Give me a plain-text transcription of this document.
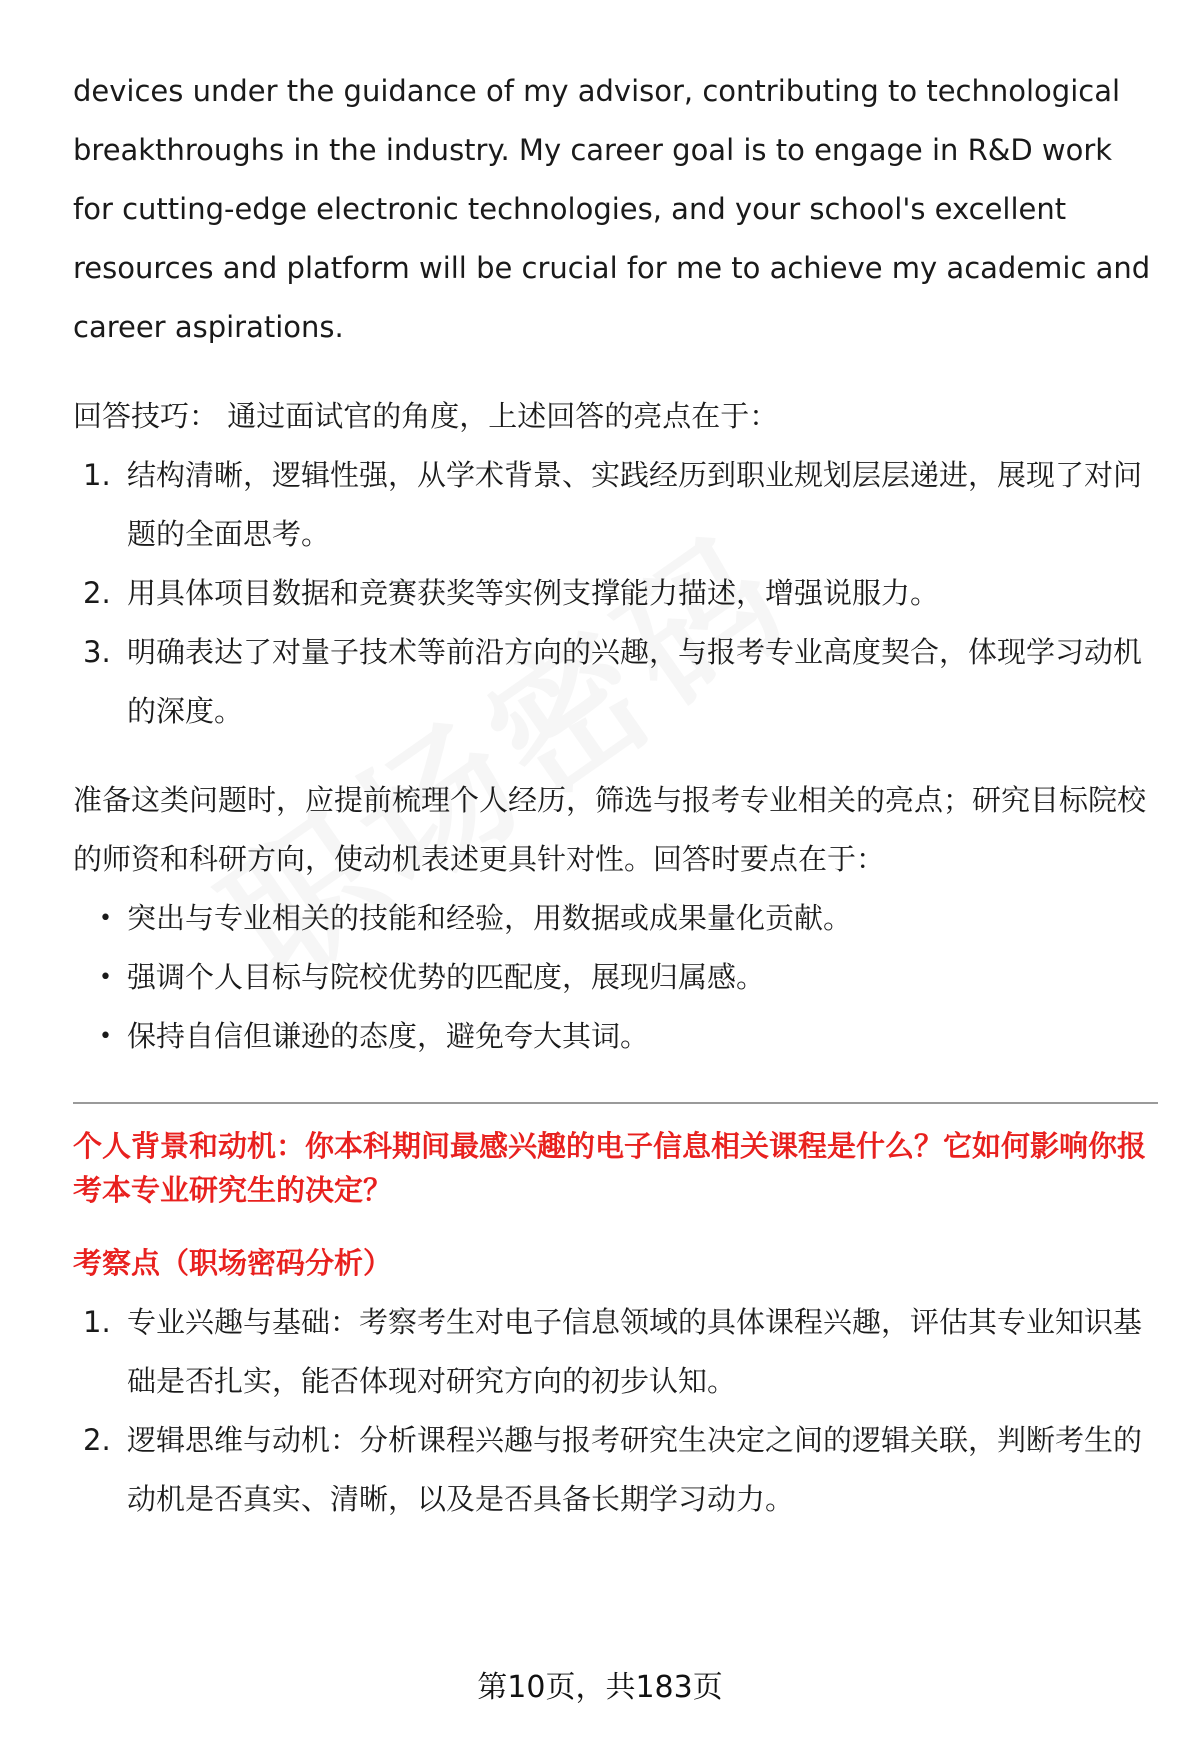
devices under the guidance of my advisor, contributing to technological breakthroughs in the industry. My career goal is to engage in R&D work for cutting-edge electronic technologies, and your school's excellent resources and platform will be crucial for me to achieve my academic and career aspirations.

回答技巧： 通过面试官的角度，上述回答的亮点在于：

1. 结构清晰，逻辑性强，从学术背景、实践经历到职业规划层层递进，展现了对问题的全面思考。
2. 用具体项目数据和竞赛获奖等实例支撑能力描述，增强说服力。
3. 明确表达了对量子技术等前沿方向的兴趣，与报考专业高度契合，体现学习动机的深度。

准备这类问题时，应提前梳理个人经历，筛选与报考专业相关的亮点；研究目标院校的师资和科研方向，使动机表述更具针对性。回答时要点在于：

• 突出与专业相关的技能和经验，用数据或成果量化贡献。
• 强调个人目标与院校优势的匹配度，展现归属感。
• 保持自信但谦逊的态度，避免夸大其词。

个人背景和动机：你本科期间最感兴趣的电子信息相关课程是什么？它如何影响你报考本专业研究生的决定？

考察点（职场密码分析）

1. 专业兴趣与基础：考察考生对电子信息领域的具体课程兴趣，评估其专业知识基础是否扎实，能否体现对研究方向的初步认知。
2. 逻辑思维与动机：分析课程兴趣与报考研究生决定之间的逻辑关联，判断考生的动机是否真实、清晰，以及是否具备长期学习动力。
第10页，共183页
